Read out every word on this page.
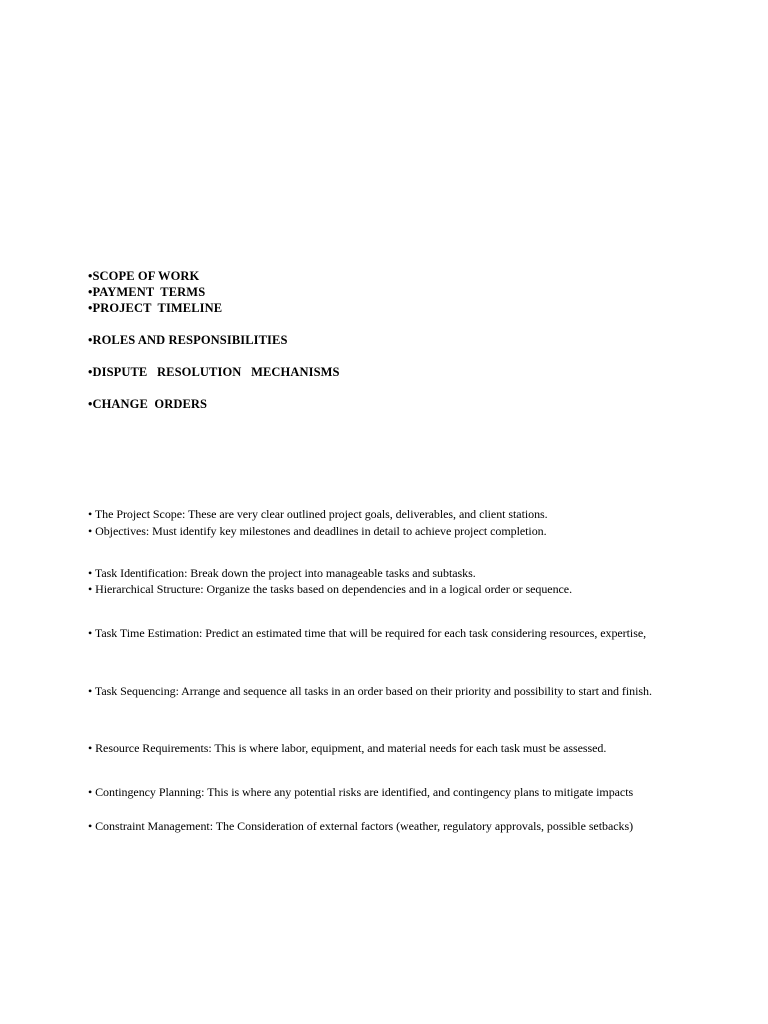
•SCOPE OF WORK
•PAYMENT  TERMS
•PROJECT  TIMELINE
•ROLES AND RESPONSIBILITIES
•DISPUTE   RESOLUTION   MECHANISMS
•CHANGE  ORDERS
• The Project Scope: These are very clear outlined project goals, deliverables, and client stations.
• Objectives: Must identify key milestones and deadlines in detail to achieve project completion.
• Task Identification: Break down the project into manageable tasks and subtasks.
• Hierarchical Structure: Organize the tasks based on dependencies and in a logical order or sequence.
• Task Time Estimation: Predict an estimated time that will be required for each task considering resources, expertise,
• Task Sequencing: Arrange and sequence all tasks in an order based on their priority and possibility to start and finish.
• Resource Requirements: This is where labor, equipment, and material needs for each task must be assessed.
• Contingency Planning: This is where any potential risks are identified, and contingency plans to mitigate impacts
• Constraint Management: The Consideration of external factors (weather, regulatory approvals, possible setbacks)
